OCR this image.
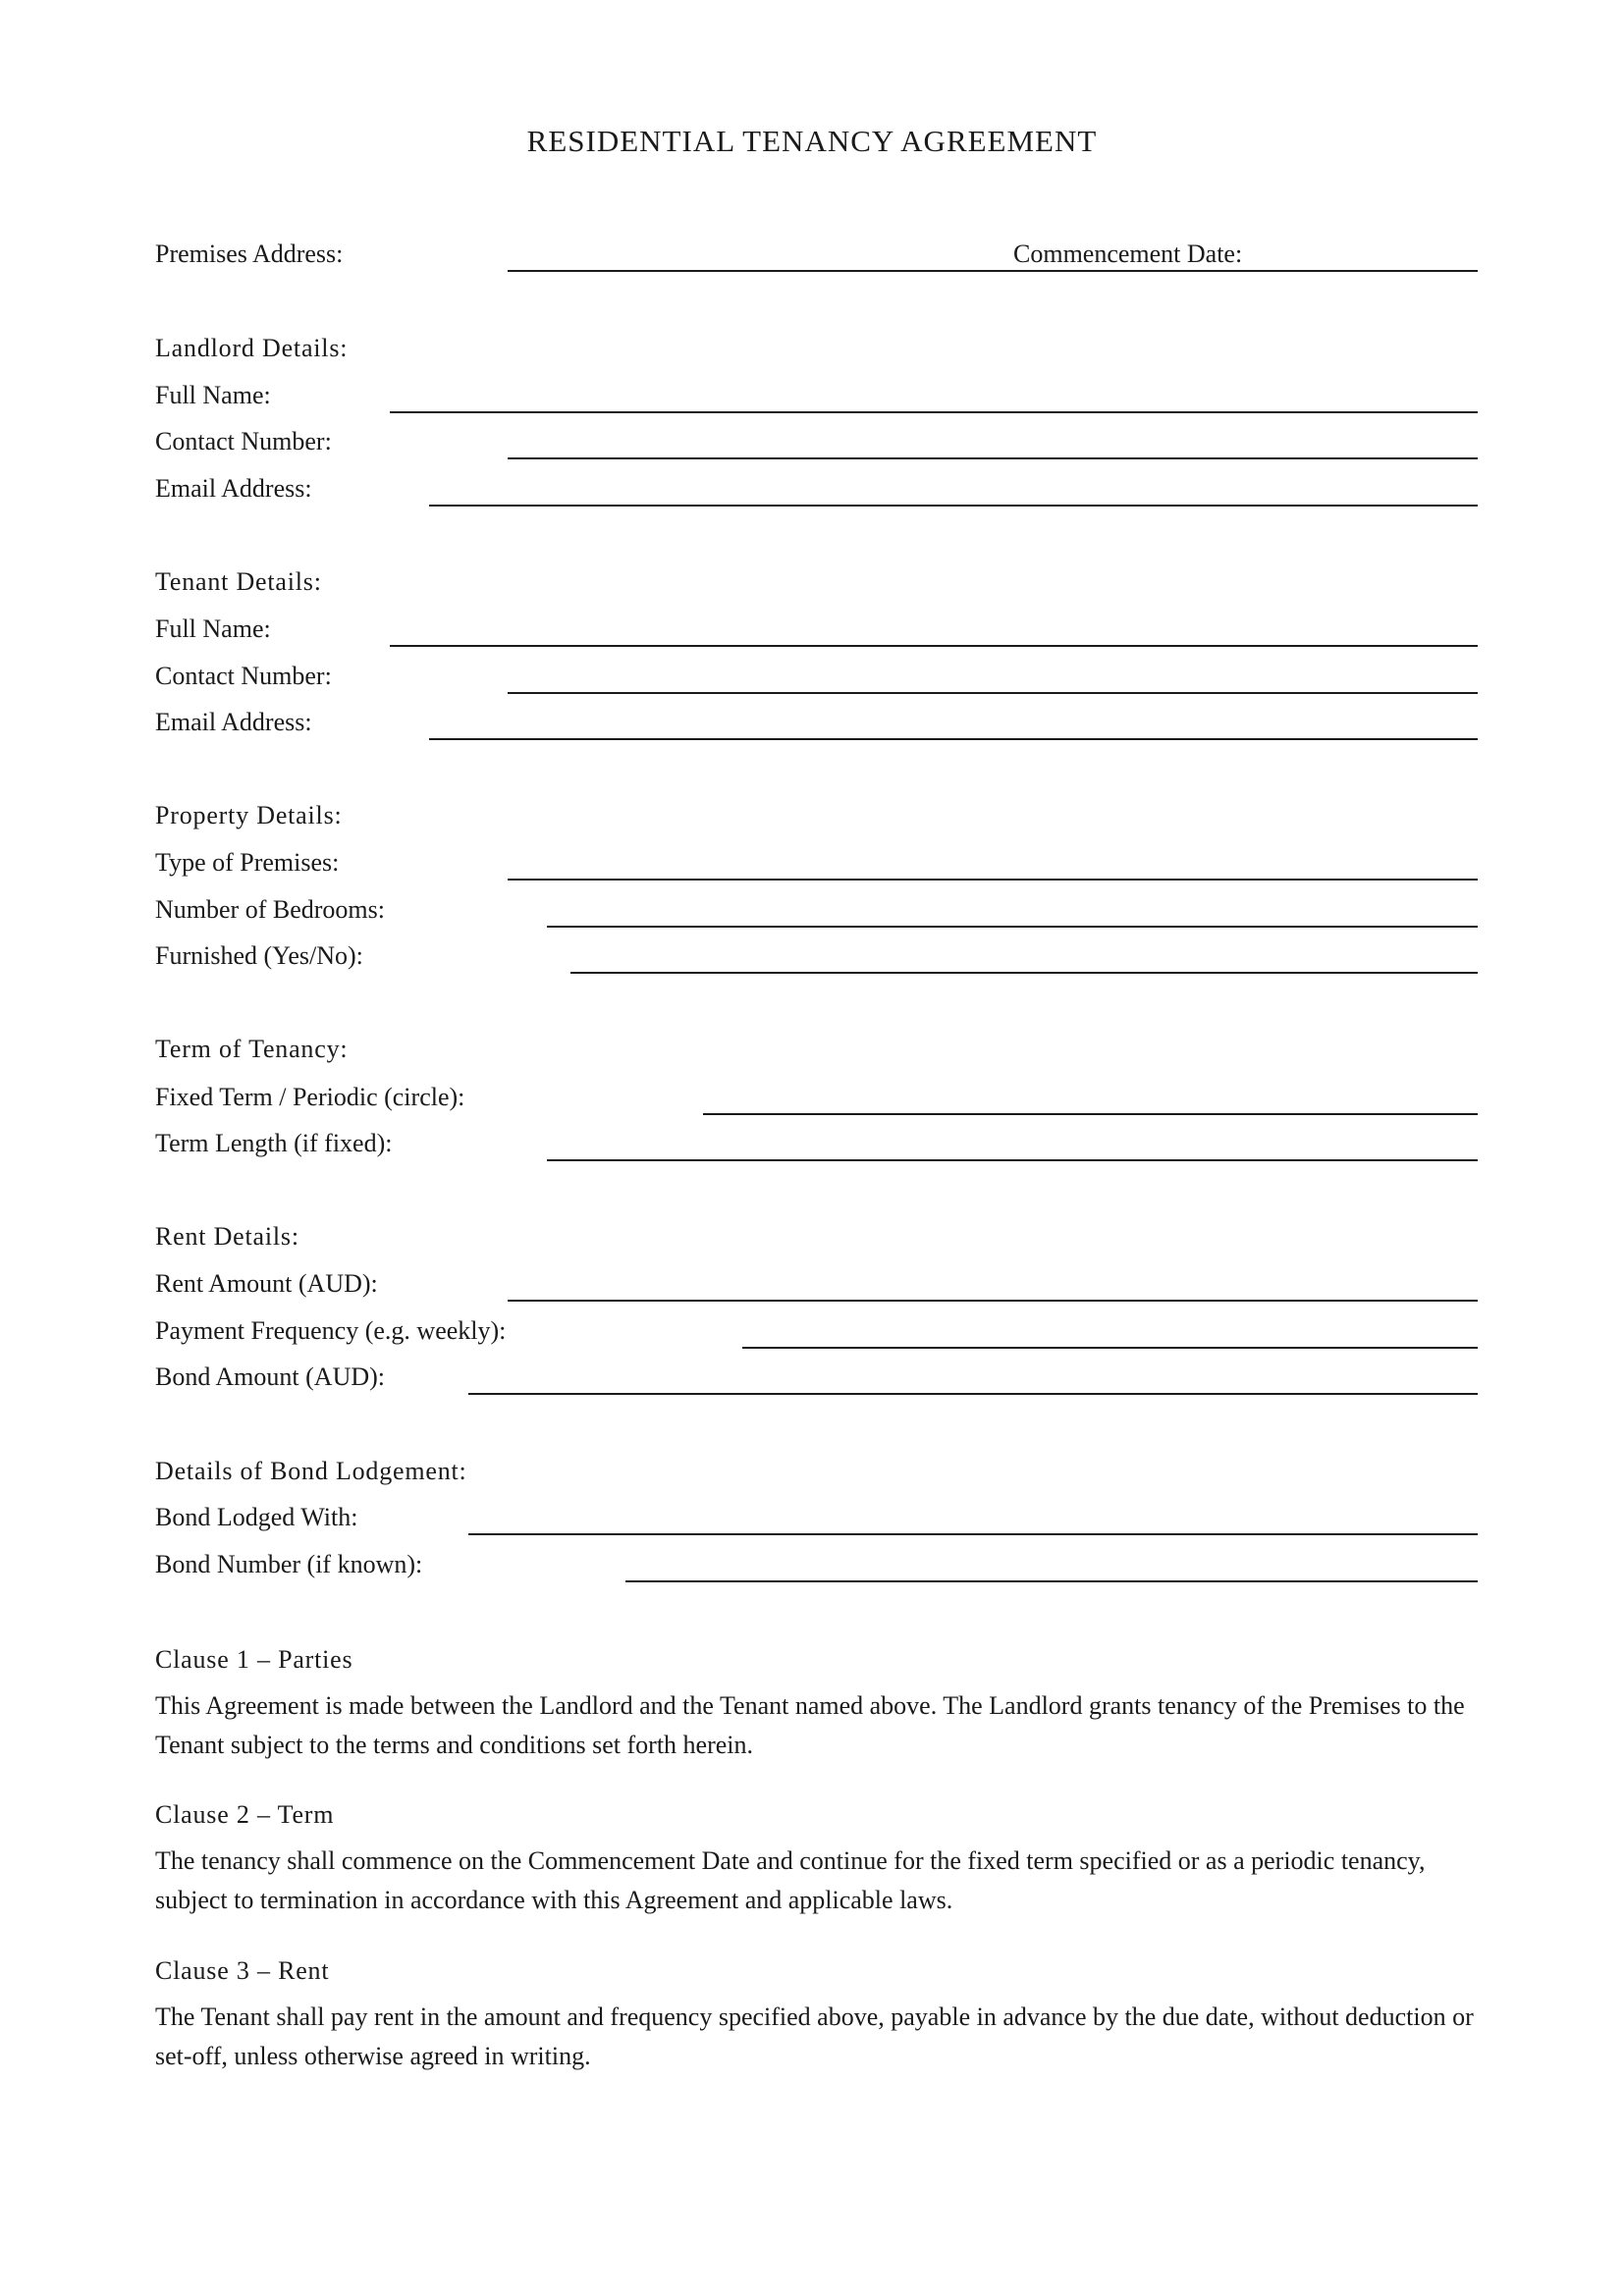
RESIDENTIAL TENANCY AGREEMENT
Premises Address:	Commencement Date:
Landlord Details:
Full Name:
Contact Number:
Email Address:
Tenant Details:
Full Name:
Contact Number:
Email Address:
Property Details:
Type of Premises:
Number of Bedrooms:
Furnished (Yes/No):
Term of Tenancy:
Fixed Term / Periodic (circle):
Term Length (if fixed):
Rent Details:
Rent Amount (AUD):
Payment Frequency (e.g. weekly):
Bond Amount (AUD):
Details of Bond Lodgement:
Bond Lodged With:
Bond Number (if known):
Clause 1 – Parties
This Agreement is made between the Landlord and the Tenant named above. The Landlord grants tenancy of the Premises to the Tenant subject to the terms and conditions set forth herein.
Clause 2 – Term
The tenancy shall commence on the Commencement Date and continue for the fixed term specified or as a periodic tenancy, subject to termination in accordance with this Agreement and applicable laws.
Clause 3 – Rent
The Tenant shall pay rent in the amount and frequency specified above, payable in advance by the due date, without deduction or set-off, unless otherwise agreed in writing.
